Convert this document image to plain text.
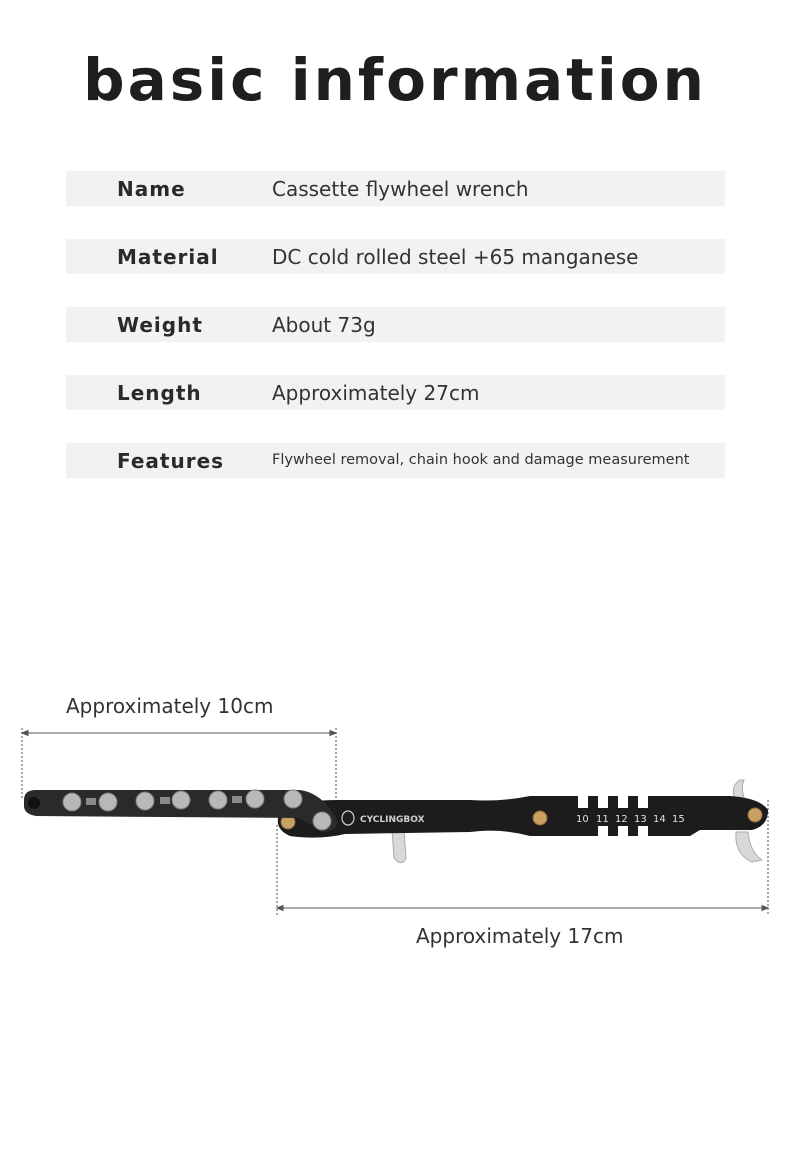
basic information
Name	Cassette flywheel wrench
Material	DC cold rolled steel +65 manganese
Weight	About 73g
Length	Approximately 27cm
Features	Flywheel removal, chain hook and damage measurement
Approximately 10cm
Approximately 17cm
CYCLINGBOX	10 11 12 13 14 15
